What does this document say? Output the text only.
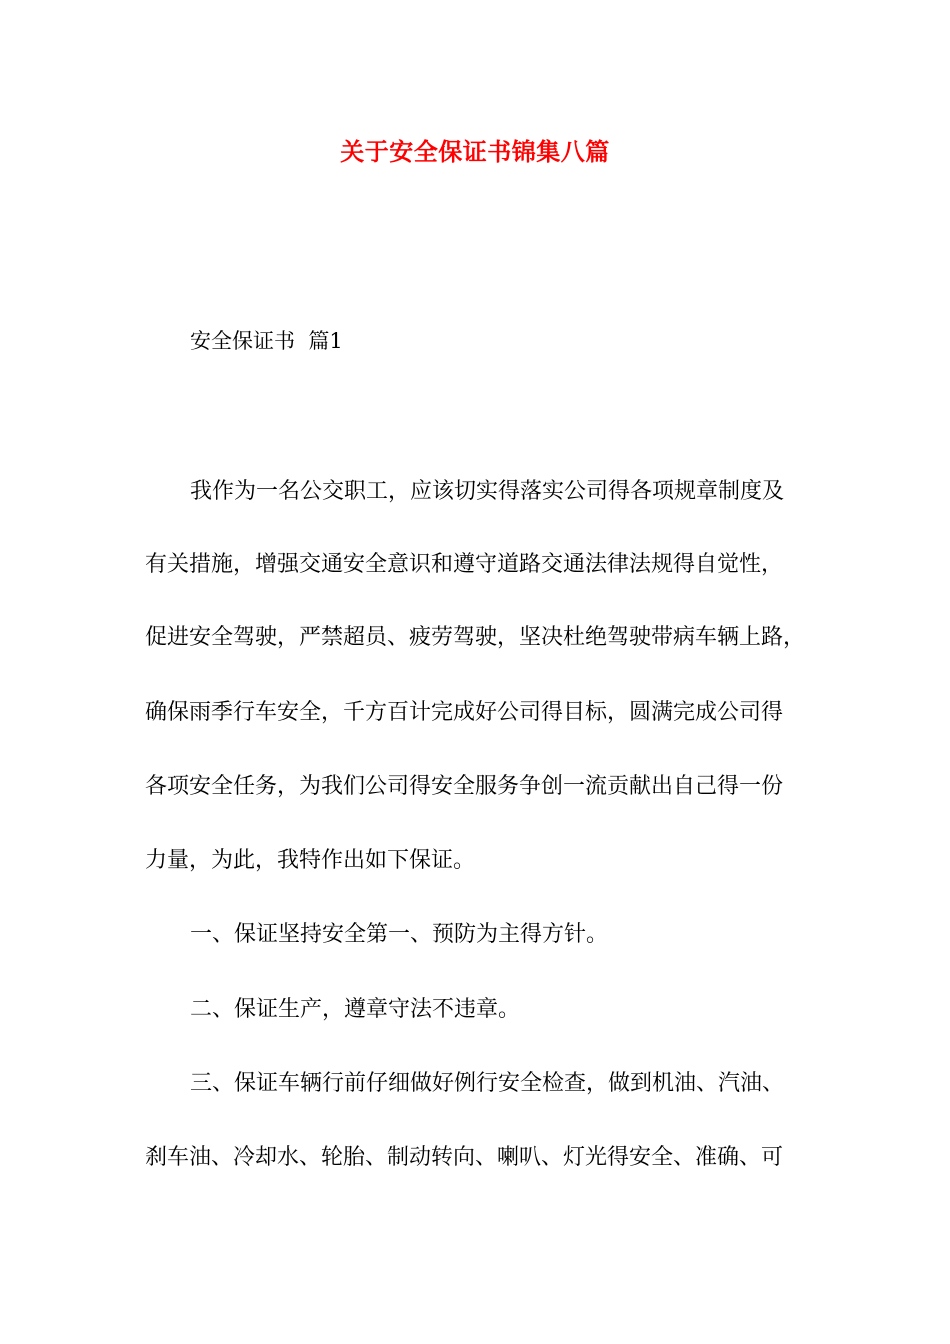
关于安全保证书锦集八篇
安全保证书  篇1
我作为一名公交职工，应该切实得落实公司得各项规章制度及
有关措施，增强交通安全意识和遵守道路交通法律法规得自觉性，
促进安全驾驶，严禁超员、疲劳驾驶，坚决杜绝驾驶带病车辆上路，
确保雨季行车安全，千方百计完成好公司得目标，圆满完成公司得
各项安全任务，为我们公司得安全服务争创一流贡献出自己得一份
力量，为此，我特作出如下保证。
一、保证坚持安全第一、预防为主得方针。
二、保证生产，遵章守法不违章。
三、保证车辆行前仔细做好例行安全检查，做到机油、汽油、
刹车油、冷却水、轮胎、制动转向、喇叭、灯光得安全、准确、可
